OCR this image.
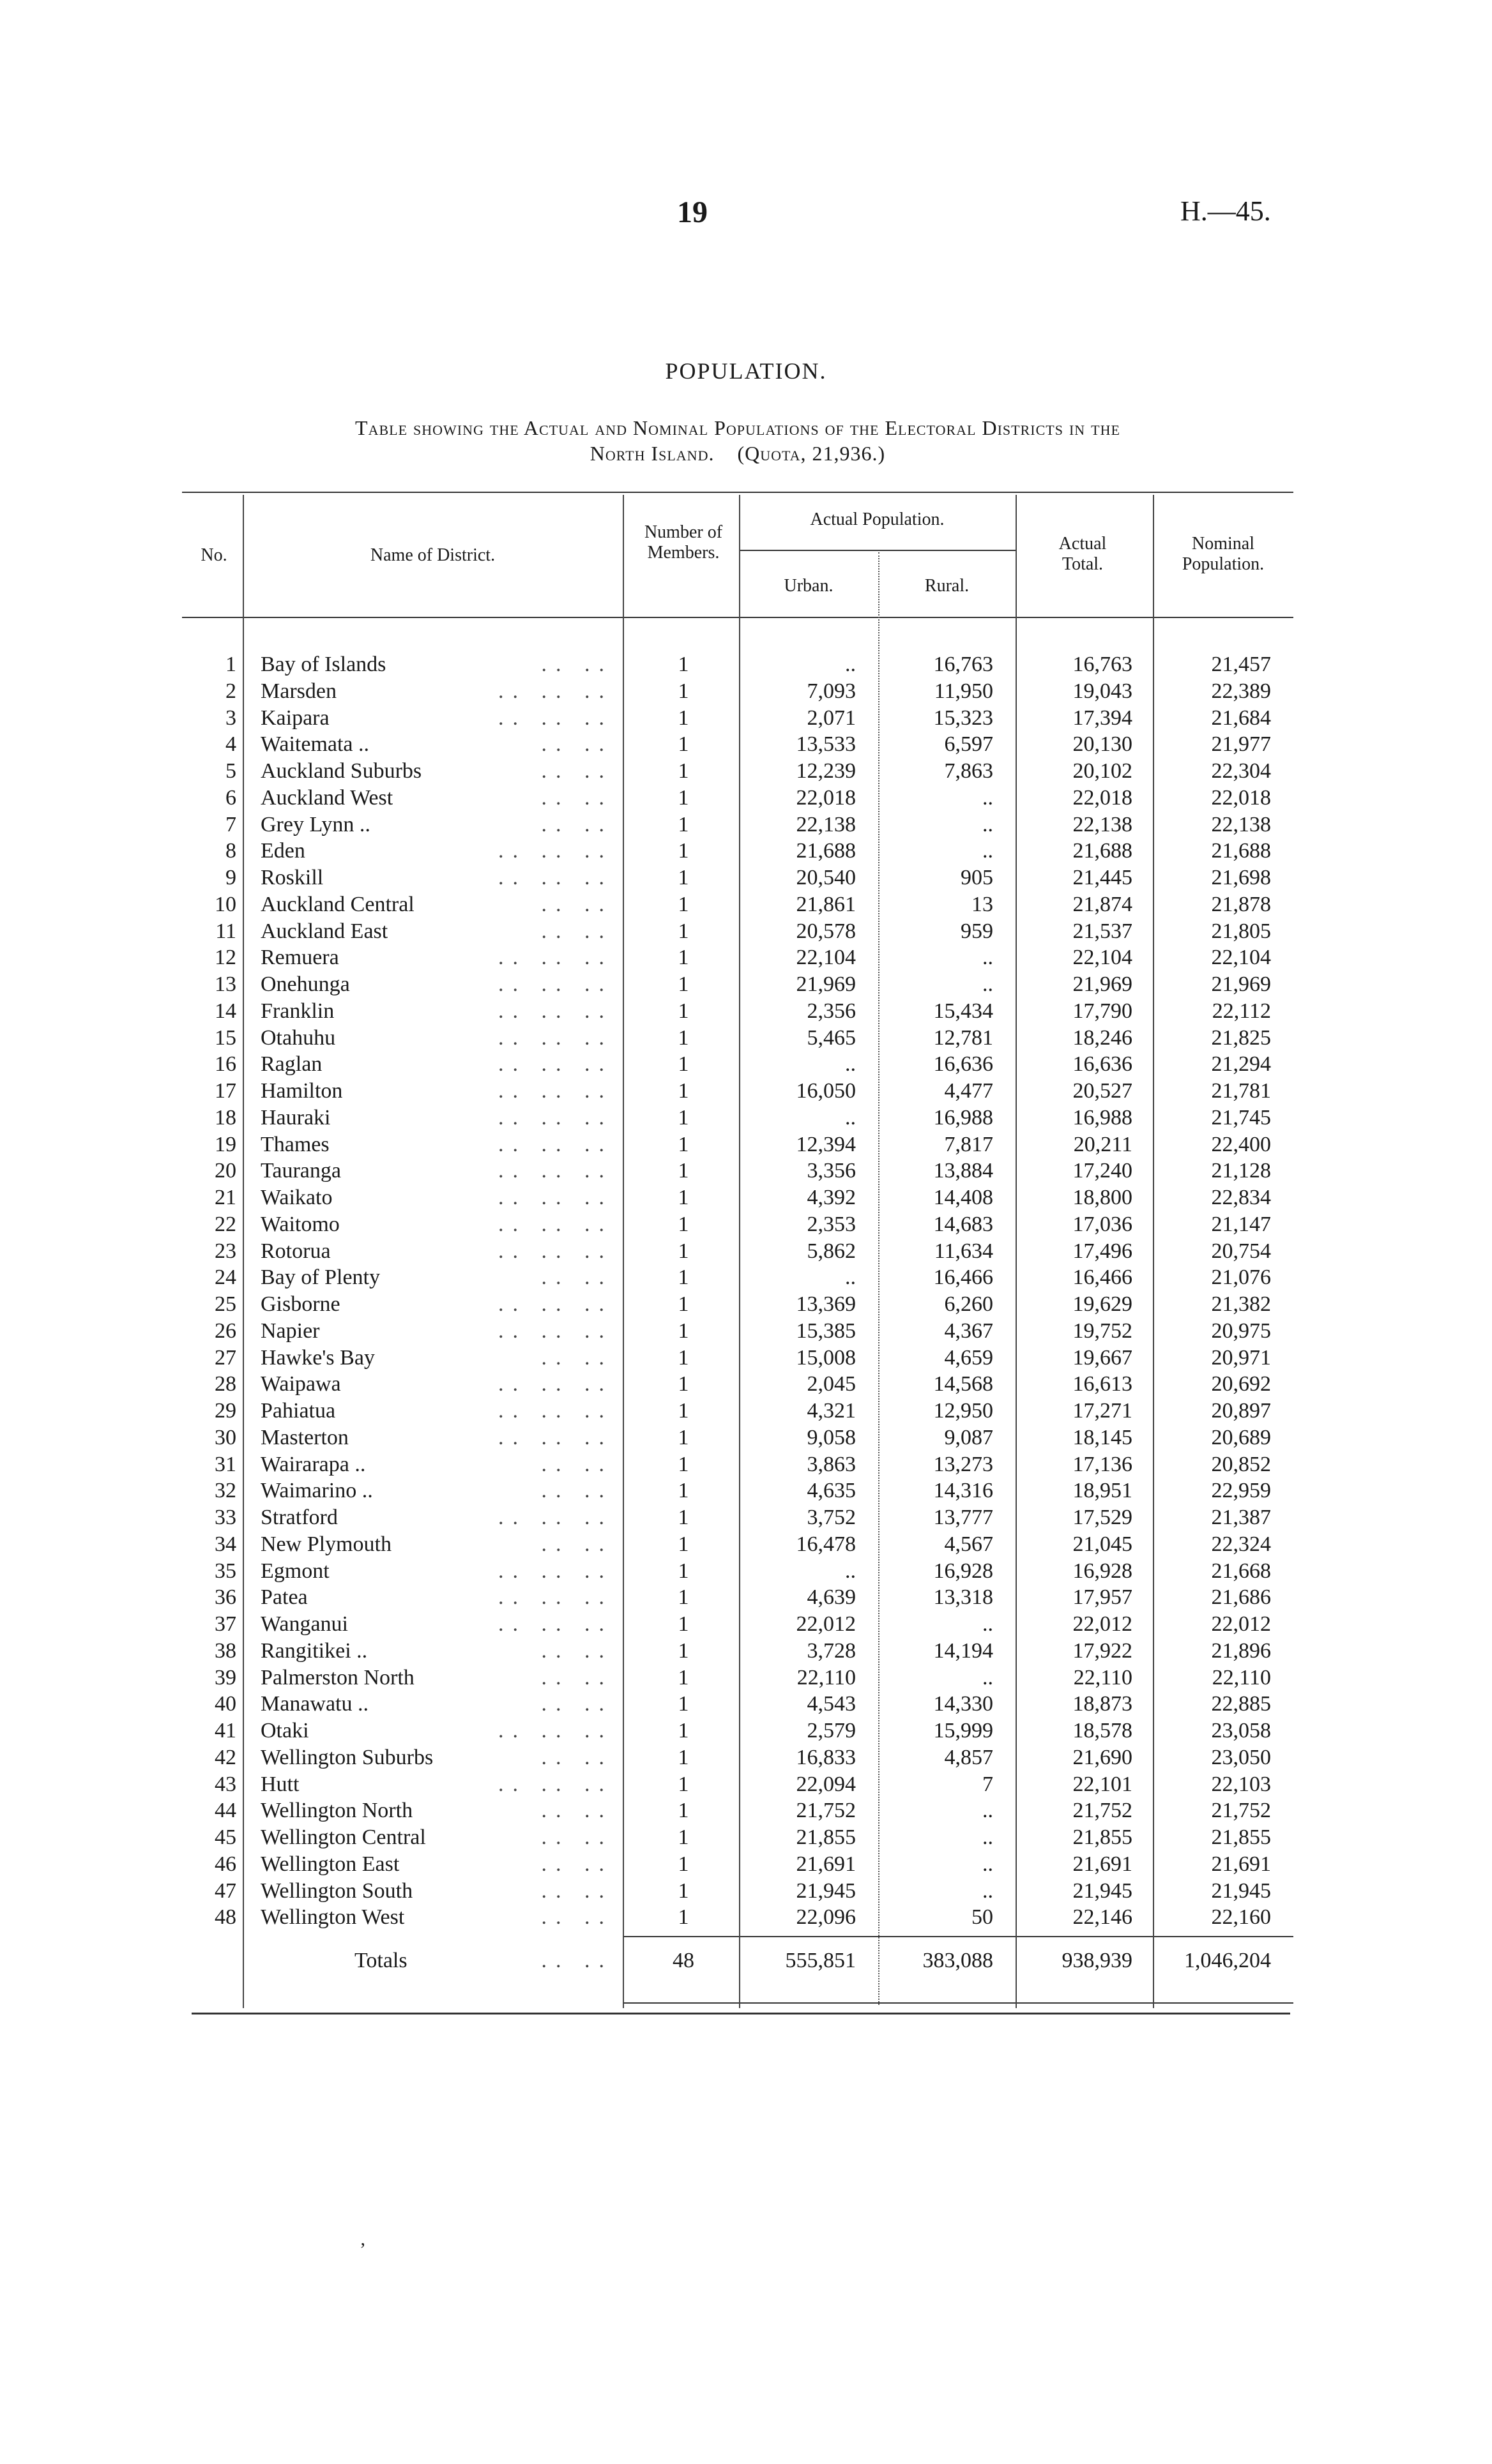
19	H.—45.
POPULATION.
Table showing the Actual and Nominal Populations of the Electoral Districts in the
North Island.    (Quota, 21,936.)
No.	Name of District.
Number of Members.
Actual Population.
Urban.	Rural.
Actual Total.
Nominal Population.
1 Bay of Islands	.. ..	1	..	16,763	16,763	21,457
2 Marsden	.. .. ..	1	7,093	11,950	19,043	22,389
3 Kaipara	.. .. ..	1	2,071	15,323	17,394	21,684
4 Waitemata ..	.. ..	1	13,533	6,597	20,130	21,977
5 Auckland Suburbs	.. ..	1	12,239	7,863	20,102	22,304
6 Auckland West	.. ..	1	22,018	..	22,018	22,018
7 Grey Lynn ..	.. ..	1	22,138	..	22,138	22,138
8 Eden	.. .. ..	1	21,688	..	21,688	21,688
9 Roskill	.. .. ..	1	20,540	905	21,445	21,698
10 Auckland Central	.. ..	1	21,861	13	21,874	21,878
11 Auckland East	.. ..	1	20,578	959	21,537	21,805
12 Remuera	.. .. ..	1	22,104	..	22,104	22,104
13 Onehunga	.. .. ..	1	21,969	..	21,969	21,969
14 Franklin	.. .. ..	1	2,356	15,434	17,790	22,112
15 Otahuhu	.. .. ..	1	5,465	12,781	18,246	21,825
16 Raglan	.. .. ..	1	..	16,636	16,636	21,294
17 Hamilton	.. .. ..	1	16,050	4,477	20,527	21,781
18 Hauraki	.. .. ..	1	..	16,988	16,988	21,745
19 Thames	.. .. ..	1	12,394	7,817	20,211	22,400
20 Tauranga	.. .. ..	1	3,356	13,884	17,240	21,128
21 Waikato	.. .. ..	1	4,392	14,408	18,800	22,834
22 Waitomo	.. .. ..	1	2,353	14,683	17,036	21,147
23 Rotorua	.. .. ..	1	5,862	11,634	17,496	20,754
24 Bay of Plenty	.. ..	1	..	16,466	16,466	21,076
25 Gisborne	.. .. ..	1	13,369	6,260	19,629	21,382
26 Napier	.. .. ..	1	15,385	4,367	19,752	20,975
27 Hawke's Bay	.. ..	1	15,008	4,659	19,667	20,971
28 Waipawa	.. .. ..	1	2,045	14,568	16,613	20,692
29 Pahiatua	.. .. ..	1	4,321	12,950	17,271	20,897
30 Masterton	.. .. ..	1	9,058	9,087	18,145	20,689
31 Wairarapa ..	.. ..	1	3,863	13,273	17,136	20,852
32 Waimarino ..	.. ..	1	4,635	14,316	18,951	22,959
33 Stratford	.. .. ..	1	3,752	13,777	17,529	21,387
34 New Plymouth	.. ..	1	16,478	4,567	21,045	22,324
35 Egmont	.. .. ..	1	..	16,928	16,928	21,668
36 Patea	.. .. ..	1	4,639	13,318	17,957	21,686
37 Wanganui	.. .. ..	1	22,012	..	22,012	22,012
38 Rangitikei ..	.. ..	1	3,728	14,194	17,922	21,896
39 Palmerston North	.. ..	1	22,110	..	22,110	22,110
40 Manawatu ..	.. ..	1	4,543	14,330	18,873	22,885
41 Otaki	.. .. ..	1	2,579	15,999	18,578	23,058
42 Wellington Suburbs	.. ..	1	16,833	4,857	21,690	23,050
43 Hutt	.. .. ..	1	22,094	7	22,101	22,103
44 Wellington North	.. ..	1	21,752	..	21,752	21,752
45 Wellington Central	.. ..	1	21,855	..	21,855	21,855
46 Wellington East	.. ..	1	21,691	..	21,691	21,691
47 Wellington South	.. ..	1	21,945	..	21,945	21,945
48 Wellington West	.. ..	1	22,096	50	22,146	22,160
Totals	.. ..	48	555,851	383,088	938,939	1,046,204
‚
